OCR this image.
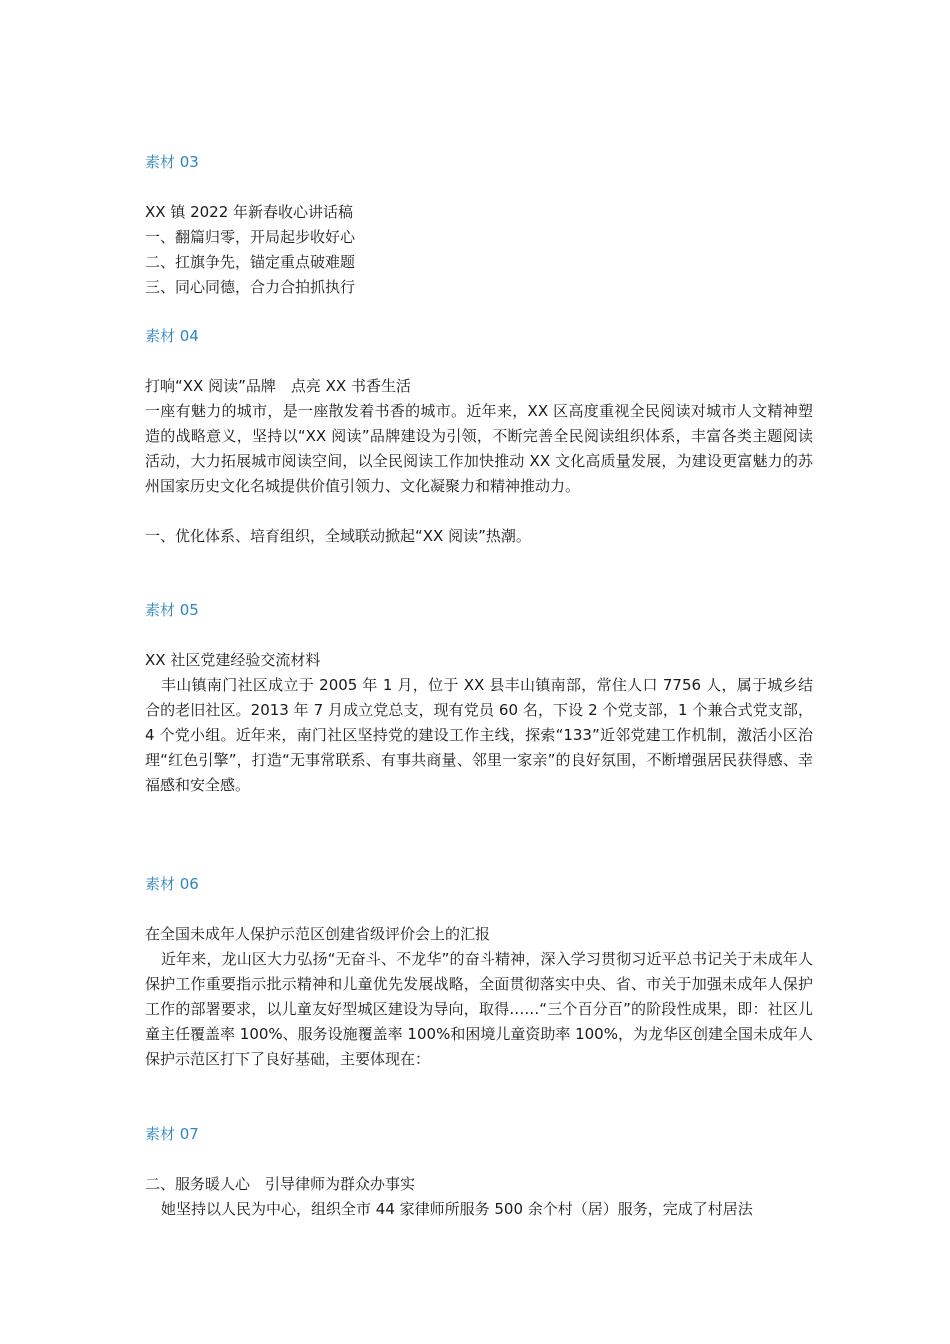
素材 03
XX 镇 2022 年新春收心讲话稿
一、翻篇归零，开局起步收好心
二、扛旗争先，锚定重点破难题
三、同心同德，合力合拍抓执行
素材 04
打响“XX 阅读”品牌　点亮 XX 书香生活
一座有魅力的城市，是一座散发着书香的城市。近年来，XX 区高度重视全民阅读对城市人文精神塑造的战略意义，坚持以“XX 阅读”品牌建设为引领，不断完善全民阅读组织体系，丰富各类主题阅读活动，大力拓展城市阅读空间，以全民阅读工作加快推动 XX 文化高质量发展，为建设更富魅力的苏州国家历史文化名城提供价值引领力、文化凝聚力和精神推动力。
一、优化体系、培育组织，全域联动掀起“XX 阅读”热潮。
素材 05
XX 社区党建经验交流材料
丰山镇南门社区成立于 2005 年 1 月，位于 XX 县丰山镇南部，常住人口 7756 人，属于城乡结合的老旧社区。2013 年 7 月成立党总支，现有党员 60 名，下设 2 个党支部，1 个兼合式党支部，4 个党小组。近年来，南门社区坚持党的建设工作主线，探索“133”近邻党建工作机制，激活小区治理“红色引擎”，打造“无事常联系、有事共商量、邻里一家亲”的良好氛围，不断增强居民获得感、幸福感和安全感。
素材 06
在全国未成年人保护示范区创建省级评价会上的汇报
近年来，龙山区大力弘扬“无奋斗、不龙华”的奋斗精神，深入学习贯彻习近平总书记关于未成年人保护工作重要指示批示精神和儿童优先发展战略，全面贯彻落实中央、省、市关于加强未成年人保护工作的部署要求，以儿童友好型城区建设为导向，取得……“三个百分百”的阶段性成果，即：社区儿童主任覆盖率 100%、服务设施覆盖率 100%和困境儿童资助率 100%，为龙华区创建全国未成年人保护示范区打下了良好基础，主要体现在：
素材 07
二、服务暖人心　引导律师为群众办事实
她坚持以人民为中心，组织全市 44 家律师所服务 500 余个村（居）服务，完成了村居法
